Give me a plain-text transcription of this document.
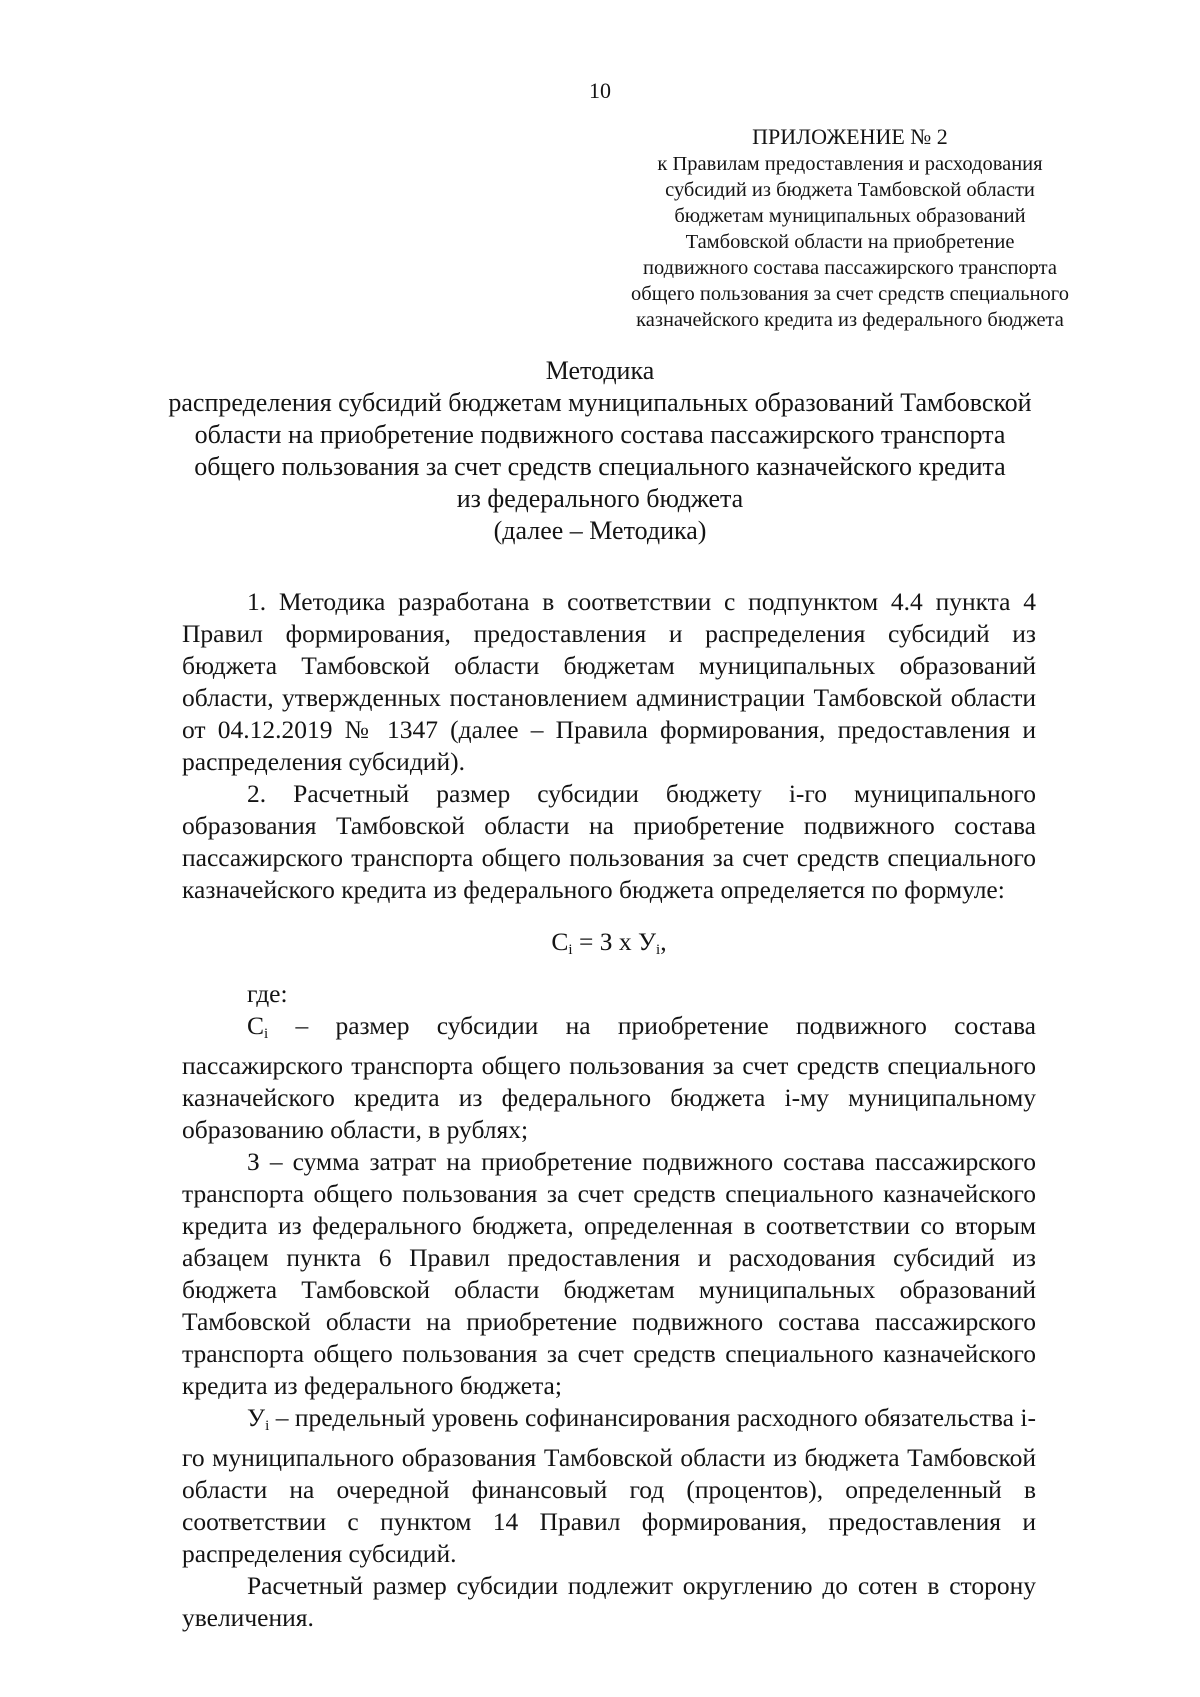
10
ПРИЛОЖЕНИЕ № 2
к Правилам предоставления и расходования
субсидий из бюджета Тамбовской области
бюджетам муниципальных образований
Тамбовской области на приобретение
подвижного состава пассажирского транспорта
общего пользования за счет средств специального
казначейского кредита из федерального бюджета
Методика
распределения субсидий бюджетам муниципальных образований Тамбовской
области на приобретение подвижного состава пассажирского транспорта
общего пользования за счет средств специального казначейского кредита
из федерального бюджета
(далее – Методика)

1. Методика разработана в соответствии с подпунктом 4.4 пункта 4 Правил формирования, предоставления и распределения субсидий из бюджета Тамбовской области бюджетам муниципальных образований области, утвержденных постановлением администрации Тамбовской области от 04.12.2019 № 1347 (далее – Правила формирования, предоставления и распределения субсидий).

2. Расчетный размер субсидии бюджету i-го муниципального образования Тамбовской области на приобретение подвижного состава пассажирского транспорта общего пользования за счет средств специального казначейского кредита из федерального бюджета определяется по формуле:

$С_i = З$ х $У_i$,

где:

$С_i$ – размер субсидии на приобретение подвижного состава пассажирского транспорта общего пользования за счет средств специального казначейского кредита из федерального бюджета i-му муниципальному образованию области, в рублях;

З – сумма затрат на приобретение подвижного состава пассажирского транспорта общего пользования за счет средств специального казначейского кредита из федерального бюджета, определенная в соответствии со вторым абзацем пункта 6 Правил предоставления и расходования субсидий из бюджета Тамбовской области бюджетам муниципальных образований Тамбовской области на приобретение подвижного состава пассажирского транспорта общего пользования за счет средств специального казначейского кредита из федерального бюджета;

$У_i$ – предельный уровень софинансирования расходного обязательства i-го муниципального образования Тамбовской области из бюджета Тамбовской области на очередной финансовый год (процентов), определенный в соответствии с пунктом 14 Правил формирования, предоставления и распределения субсидий.

Расчетный размер субсидии подлежит округлению до сотен в сторону увеличения.
